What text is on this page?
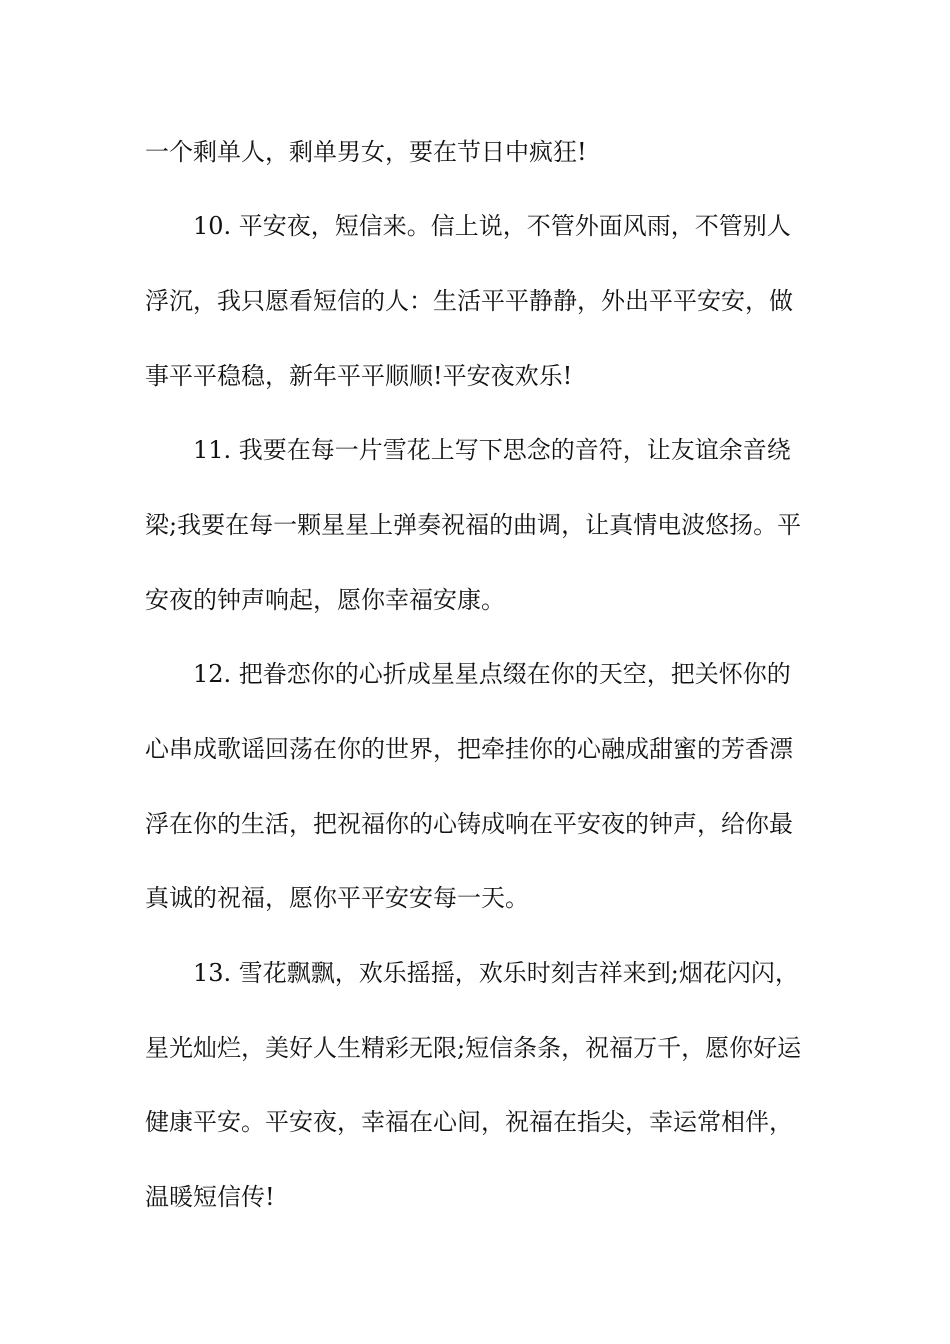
一个剩单人，剩单男女，要在节日中疯狂!
10. 平安夜，短信来。信上说，不管外面风雨，不管别人
浮沉，我只愿看短信的人：生活平平静静，外出平平安安，做
事平平稳稳，新年平平顺顺!平安夜欢乐!
11. 我要在每一片雪花上写下思念的音符，让友谊余音绕
梁;我要在每一颗星星上弹奏祝福的曲调，让真情电波悠扬。平
安夜的钟声响起，愿你幸福安康。
12. 把眷恋你的心折成星星点缀在你的天空，把关怀你的
心串成歌谣回荡在你的世界，把牵挂你的心融成甜蜜的芳香漂
浮在你的生活，把祝福你的心铸成响在平安夜的钟声，给你最
真诚的祝福，愿你平平安安每一天。
13. 雪花飘飘，欢乐摇摇，欢乐时刻吉祥来到;烟花闪闪，
星光灿烂，美好人生精彩无限;短信条条，祝福万千，愿你好运
健康平安。平安夜，幸福在心间，祝福在指尖，幸运常相伴，
温暖短信传!
